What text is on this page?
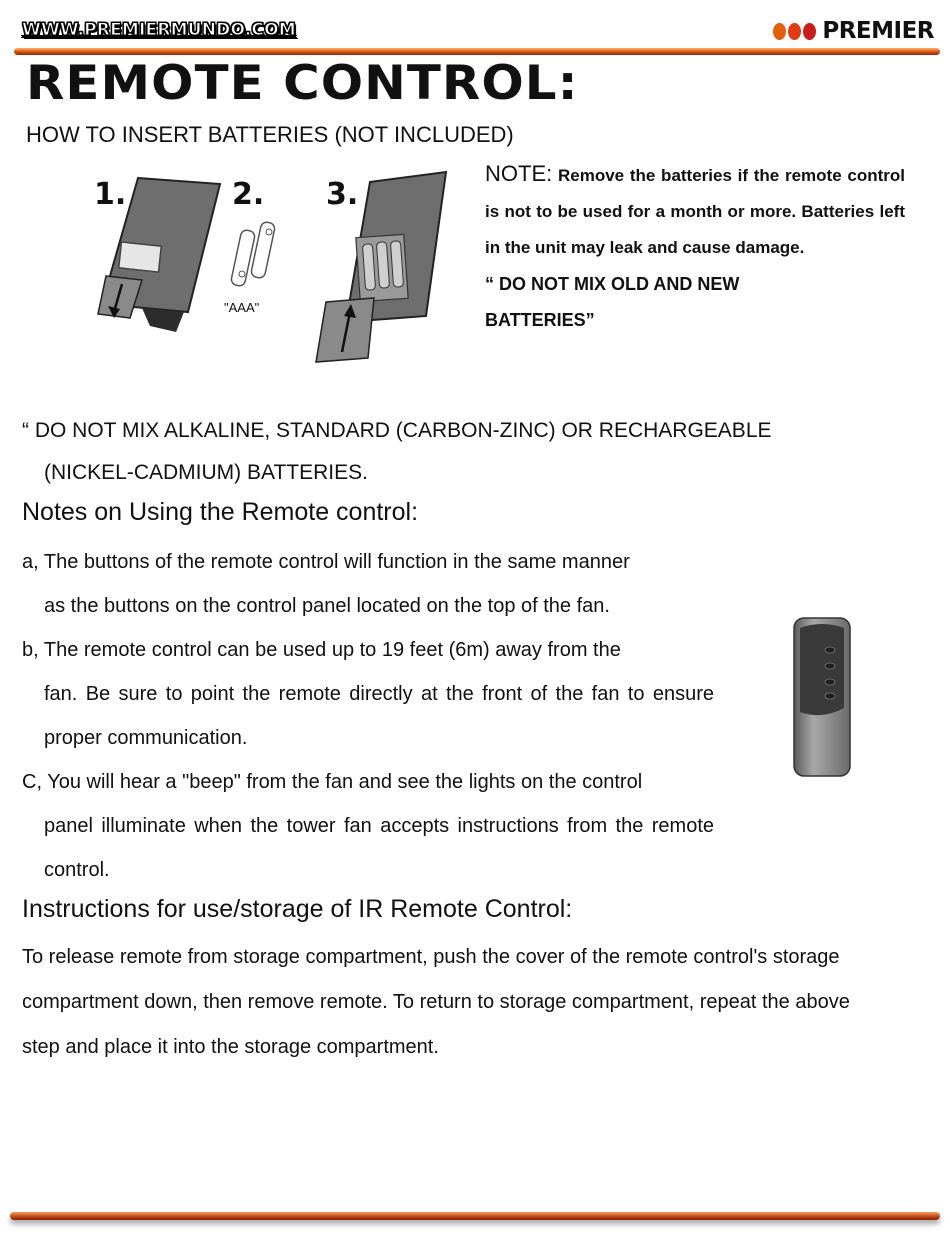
WWW.PREMIERMUNDO.COM	PREMIER
REMOTE CONTROL:
HOW TO INSERT BATTERIES (NOT INCLUDED)
1.	2.
"AAA"
3.
NOTE: Remove the batteries if the remote control is not to be used for a month or more. Batteries left in the unit may leak and cause damage.
“ DO NOT MIX OLD AND NEW
BATTERIES”
“ DO NOT MIX ALKALINE, STANDARD (CARBON-ZINC) OR RECHARGEABLE
(NICKEL-CADMIUM) BATTERIES.
Notes on Using the Remote control:

a, The buttons of the remote control will function in the same manner

as the buttons on the control panel located on the top of the fan.

b, The remote control can be used up to 19 feet (6m) away from the

fan. Be sure to point the remote directly at the front of the fan to ensure proper communication.

C, You will hear a "beep" from the fan and see the lights on the control

panel illuminate when the tower fan accepts instructions from the remote control.

Instructions for use/storage of IR Remote Control:

To release remote from storage compartment, push the cover of the remote control's storage compartment down, then remove remote. To return to storage compartment, repeat the above step and place it into the storage compartment.
